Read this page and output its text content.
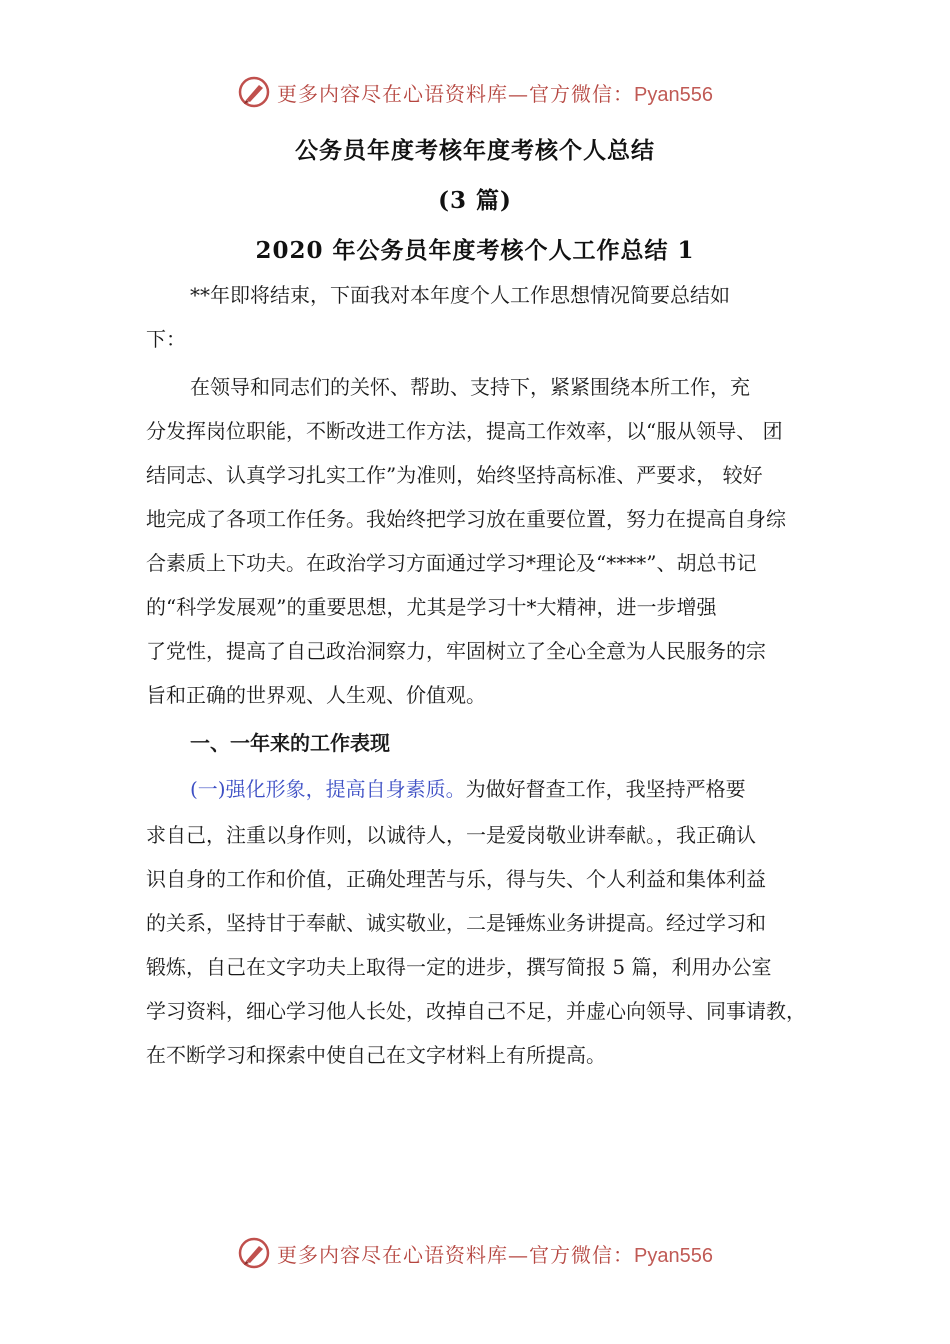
更多内容尽在心语资料库—官方微信：Pyan556
公务员年度考核年度考核个人总结
(3 篇)
2020 年公务员年度考核个人工作总结 1
**年即将结束，下面我对本年度个人工作思想情况简要总结如
下：
在领导和同志们的关怀、帮助、支持下，紧紧围绕本所工作，充
分发挥岗位职能，不断改进工作方法，提高工作效率，以“服从领导、 团
结同志、认真学习扎实工作”为准则，始终坚持高标准、严要求， 较好
地完成了各项工作任务。我始终把学习放在重要位置，努力在提高自身综
合素质上下功夫。在政治学习方面通过学习*理论及“****”、胡总书记
的“科学发展观”的重要思想，尤其是学习十*大精神，进一步增强
了党性，提高了自己政治洞察力，牢固树立了全心全意为人民服务的宗
旨和正确的世界观、人生观、价值观。
一、一年来的工作表现
(一)强化形象，提高自身素质。为做好督查工作，我坚持严格要
求自己，注重以身作则，以诚待人，一是爱岗敬业讲奉献。，我正确认
识自身的工作和价值，正确处理苦与乐，得与失、个人利益和集体利益
的关系，坚持甘于奉献、诚实敬业，二是锤炼业务讲提高。经过学习和
锻炼，自己在文字功夫上取得一定的进步，撰写简报 5 篇，利用办公室
学习资料，细心学习他人长处，改掉自己不足，并虚心向领导、同事请教，
在不断学习和探索中使自己在文字材料上有所提高。
更多内容尽在心语资料库—官方微信：Pyan556
